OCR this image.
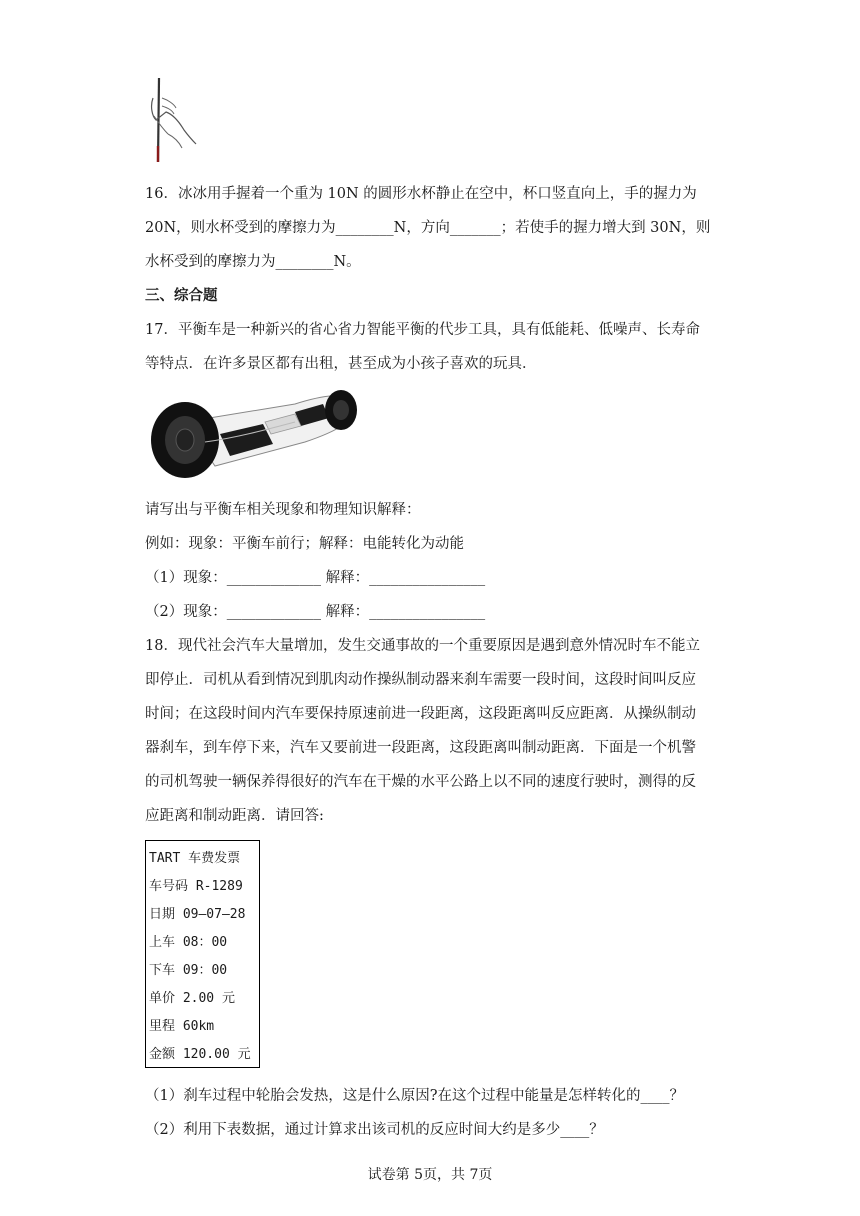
16．冰冰用手握着一个重为 10N 的圆形水杯静止在空中，杯口竖直向上，手的握力为
20N，则水杯受到的摩擦力为________N，方向_______；若使手的握力增大到 30N，则
水杯受到的摩擦力为________N。
三、综合题
17．平衡车是一种新兴的省心省力智能平衡的代步工具，具有低能耗、低噪声、长寿命
等特点．在许多景区都有出租，甚至成为小孩子喜欢的玩具．
请写出与平衡车相关现象和物理知识解释：
例如：现象：平衡车前行；解释：电能转化为动能
（1）现象：_____________ 解释：________________
（2）现象：_____________ 解释：________________
18．现代社会汽车大量增加，发生交通事故的一个重要原因是遇到意外情况时车不能立
即停止．司机从看到情况到肌肉动作操纵制动器来刹车需要一段时间，这段时间叫反应
时间；在这段时间内汽车要保持原速前进一段距离，这段距离叫反应距离．从操纵制动
器刹车，到车停下来，汽车又要前进一段距离，这段距离叫制动距离．下面是一个机警
的司机驾驶一辆保养得很好的汽车在干燥的水平公路上以不同的速度行驶时，测得的反
应距离和制动距离．请回答:
TART 车费发票
车号码 R-1289
日期 09—07—28
上车 08：00
下车 09：00
单价 2.00 元
里程 60km
金额 120.00 元
（1）刹车过程中轮胎会发热，这是什么原因?在这个过程中能量是怎样转化的____？
（2）利用下表数据，通过计算求出该司机的反应时间大约是多少____？
试卷第 5页，共 7页
